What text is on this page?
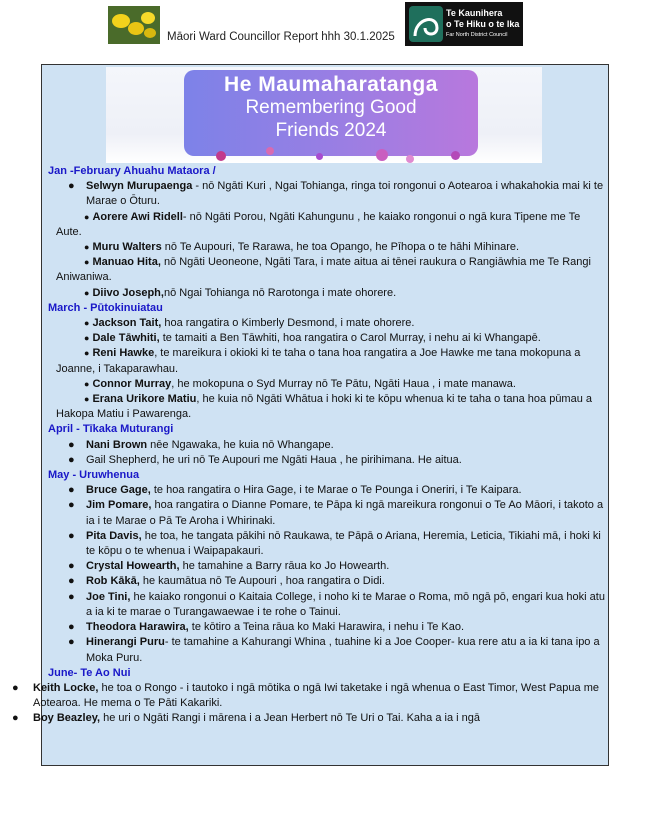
Māori Ward Councillor Report hhh 30.1.2025
Te Kaunihera
o Te Hiku o te Ika
Far North District Council
He Maumaharatanga
Remembering Good
Friends 2024

Jan -February Ahuahu Mataora /

● Selwyn Murupaenga - nō Ngāti Kuri , Ngai Tohianga, ringa toi rongonui o Aotearoa i whakahokia mai ki te Marae o Ōturu.

● Aorere Awi Ridell- nō Ngāti Porou, Ngāti Kahungunu , he kaiako rongonui o ngā kura Tipene me Te Aute.

● Muru Walters nō Te Aupouri, Te Rarawa, he toa Opango, he Pīhopa o te hāhi Mihinare.

● Manuao Hita, nō Ngāti Ueoneone, Ngāti Tara, i mate aitua ai tēnei raukura o Rangiāwhia me Te Rangi Aniwaniwa.

● Diivo Joseph,nō Ngai Tohianga nō Rarotonga i mate ohorere.

March - Pūtokinuiatau

● Jackson Tait, hoa rangatira o Kimberly Desmond, i mate ohorere.

● Dale Tāwhiti, te tamaiti a Ben Tāwhiti, hoa rangatira o Carol Murray, i nehu ai ki Whangapē.

● Reni Hawke, te mareikura i okioki ki te taha o tana hoa rangatira a Joe Hawke me tana mokopuna a Joanne, i Takaparawhau.

● Connor Murray, he mokopuna o Syd Murray nō Te Pātu, Ngāti Haua , i mate manawa.

● Erana Urikore Matiu, he kuia nō Ngāti Whātua i hoki ki te kōpu whenua ki te taha o tana hoa pūmau a Hakopa Matiu i Pawarenga.

April - Tīkaka Muturangi

● Nani Brown nēe Ngawaka, he kuia nō Whangape.

● Gail Shepherd, he uri nō Te Aupouri me Ngāti Haua , he pirihimana. He aitua.

May - Uruwhenua

● Bruce Gage, te hoa rangatira o Hira Gage, i te Marae o Te Pounga i Oneriri, i Te Kaipara.

● Jim Pomare, hoa rangatira o Dianne Pomare, te Pāpa ki ngā mareikura rongonui o Te Ao Māori, i takoto a ia i te Marae o Pā Te Aroha i Whirinaki.

● Pita Davis, he toa, he tangata pākihi nō Raukawa, te Pāpā o Ariana, Heremia, Leticia, Tikiahi mā, i hoki ki te kōpu o te whenua i Waipapakauri.

● Crystal Howearth, he tamahine a Barry rāua ko Jo Howearth.

● Rob Kākā, he kaumātua nō Te Aupouri , hoa rangatira o Didi.

● Joe Tini, he kaiako rongonui o Kaitaia College, i noho ki te Marae o Roma, mō ngā pō, engari kua hoki atu a ia ki te marae o Turangawaewae i te rohe o Tainui.

● Theodora Harawira, te kōtiro a Teina rāua ko Maki Harawira, i nehu i Te Kao.

● Hinerangi Puru- te tamahine a Kahurangi Whina , tuahine ki a Joe Cooper- kua rere atu a ia ki tana ipo a Moka Puru.

June- Te Ao Nui

● Keith Locke, he toa o Rongo - i tautoko i ngā mōtika o ngā Iwi taketake i ngā whenua o East Timor, West Papua me Aotearoa. He mema o Te Pāti Kakariki.

● Boy Beazley, he uri o Ngāti Rangi i mārena i a Jean Herbert nō Te Uri o Tai. Kaha a ia i ngā
